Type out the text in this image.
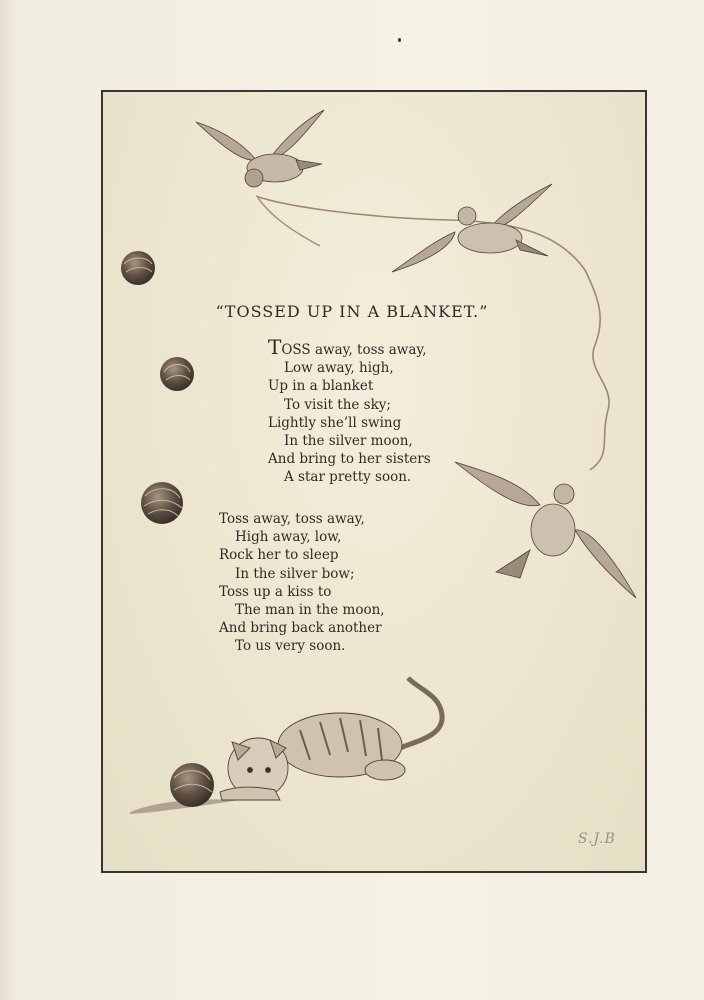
“TOSSED UP IN A BLANKET.”
TOSS away, toss away,
Low away, high,
Up in a blanket
To visit the sky;
Lightly she’ll swing
In the silver moon,
And bring to her sisters
A star pretty soon.
Toss away, toss away,
High away, low,
Rock her to sleep
In the silver bow;
Toss up a kiss to
The man in the moon,
And bring back another
To us very soon.
S.J.B
